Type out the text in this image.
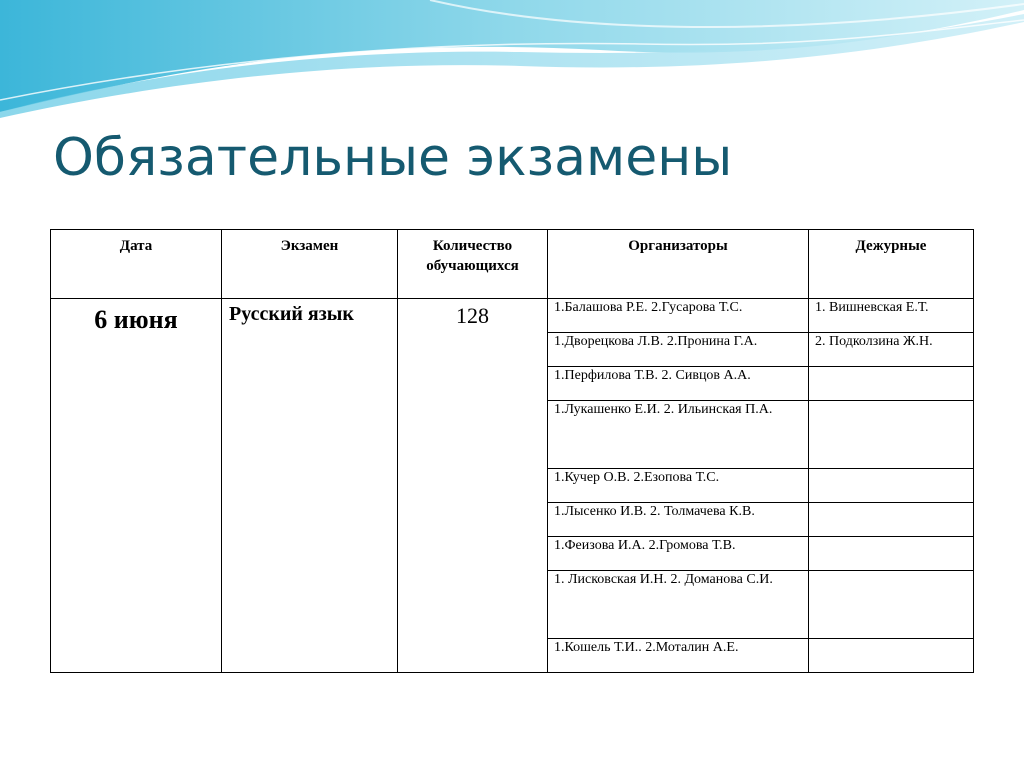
Обязательные экзамены
Дата	Экзамен	Количество обучающихся	Организаторы	Дежурные
6 июня	Русский язык	128	1.Балашова Р.Е. 2.Гусарова Т.С.	1. Вишневская Е.Т.
			1.Дворецкова Л.В. 2.Пронина Г.А.	2. Подколзина Ж.Н.
			1.Перфилова Т.В. 2. Сивцов А.А.	
			1.Лукашенко Е.И. 2. Ильинская П.А.	
			1.Кучер О.В. 2.Езопова Т.С.	
			1.Лысенко И.В. 2. Толмачева К.В.	
			1.Феизова И.А. 2.Громова Т.В.	
			1. Лисковская И.Н. 2. Доманова С.И.	
			1.Кошель Т.И.. 2.Моталин А.Е.	
